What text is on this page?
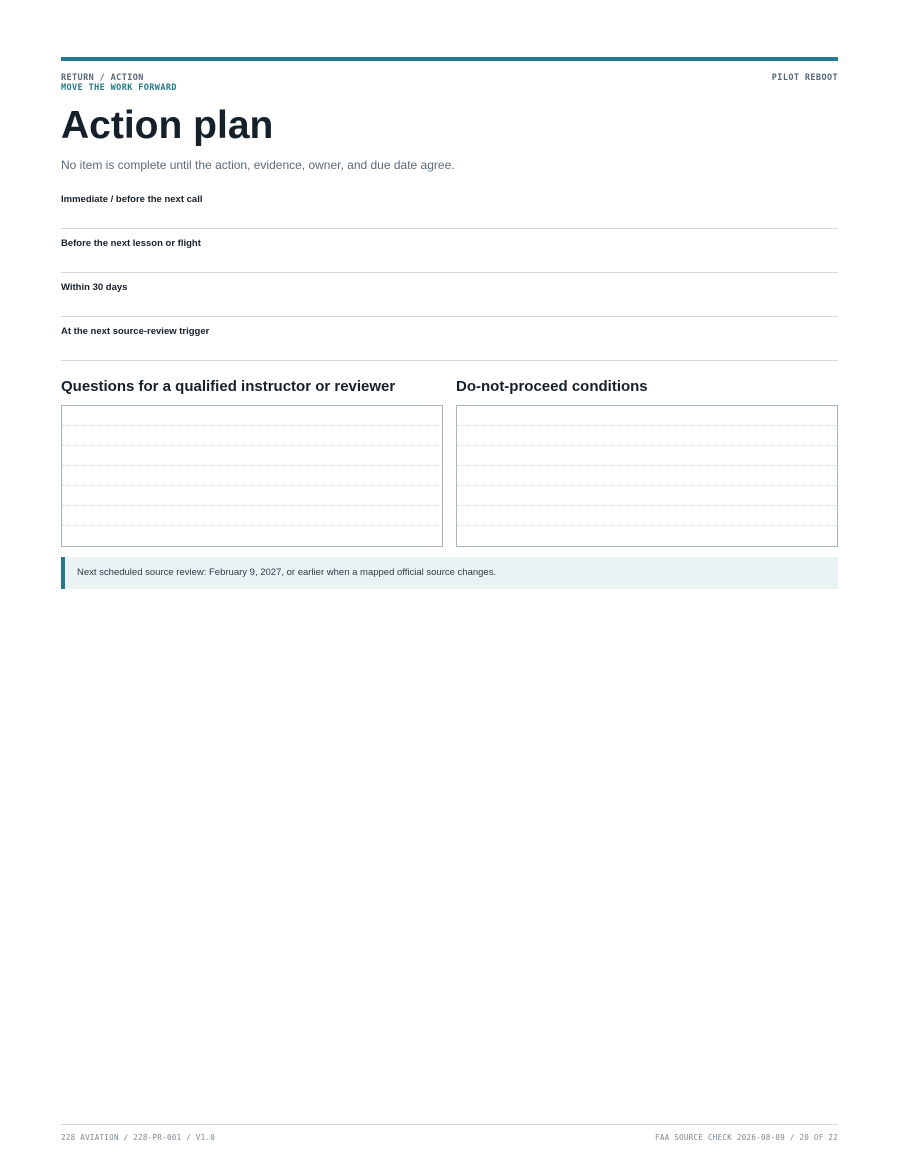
RETURN / ACTION
MOVE THE WORK FORWARD
PILOT REBOOT
Action plan
No item is complete until the action, evidence, owner, and due date agree.
Immediate / before the next call
Before the next lesson or flight
Within 30 days
At the next source-review trigger
Questions for a qualified instructor or reviewer	Do-not-proceed conditions
Next scheduled source review: February 9, 2027, or earlier when a mapped official source changes.
228 AVIATION / 228-PR-001 / V1.0	FAA SOURCE CHECK 2026-08-09 / 20 OF 22
